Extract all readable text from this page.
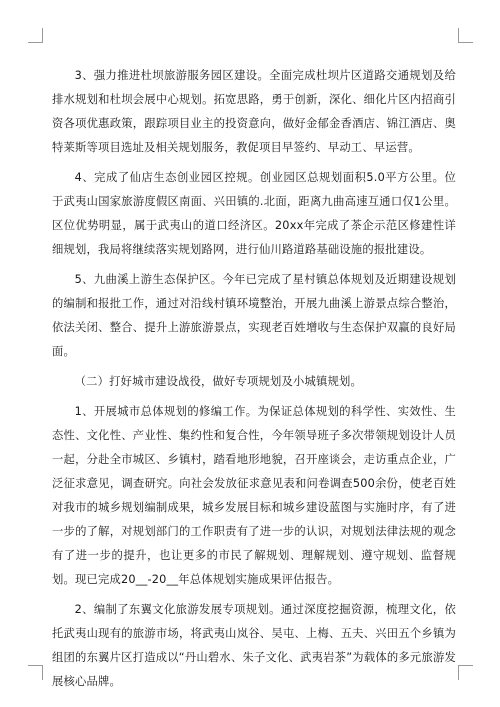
3、强力推进杜坝旅游服务园区建设。全面完成杜坝片区道路交通规划及给排水规划和杜坝会展中心规划。拓宽思路，勇于创新，深化、细化片区内招商引资各项优惠政策，跟踪项目业主的投资意向，做好金郁金香酒店、锦江酒店、奥特莱斯等项目选址及相关规划服务，教促项目早签约、早动工、早运营。

4、完成了仙店生态创业园区控规。创业园区总规划面积5.0平方公里。位于武夷山国家旅游度假区南面、兴田镇的.北面，距离九曲高速互通口仅1公里。区位优势明显，属于武夷山的道口经济区。20xx年完成了茶企示范区修建性详细规划，我局将继续落实规划路网，进行仙川路道路基础设施的报批建设。

5、九曲溪上游生态保护区。今年已完成了星村镇总体规划及近期建设规划的编制和报批工作，通过对沿线村镇环境整治，开展九曲溪上游景点综合整治，依法关闭、整合、提升上游旅游景点，实现老百姓增收与生态保护双赢的良好局面。

（二）打好城市建设战役，做好专项规划及小城镇规划。

1、开展城市总体规划的修编工作。为保证总体规划的科学性、实效性、生态性、文化性、产业性、集约性和复合性，今年领导班子多次带领规划设计人员一起，分赴全市城区、乡镇村，踏看地形地貌，召开座谈会，走访重点企业，广泛征求意见，调查研究。向社会发放征求意见表和问卷调查500余份，使老百姓对我市的城乡规划编制成果，城乡发展目标和城乡建设蓝图与实施时序，有了进一步的了解，对规划部门的工作职责有了进一步的认识，对规划法律法规的观念有了进一步的提升，也让更多的市民了解规划、理解规划、遵守规划、监督规划。现已完成20__-20__年总体规划实施成果评估报告。

2、编制了东翼文化旅游发展专项规划。通过深度挖掘资源，梳理文化，依托武夷山现有的旅游市场，将武夷山岚谷、吴屯、上梅、五夫、兴田五个乡镇为组团的东翼片区打造成以“丹山碧水、朱子文化、武夷岩茶”为载体的多元旅游发展核心品牌。
